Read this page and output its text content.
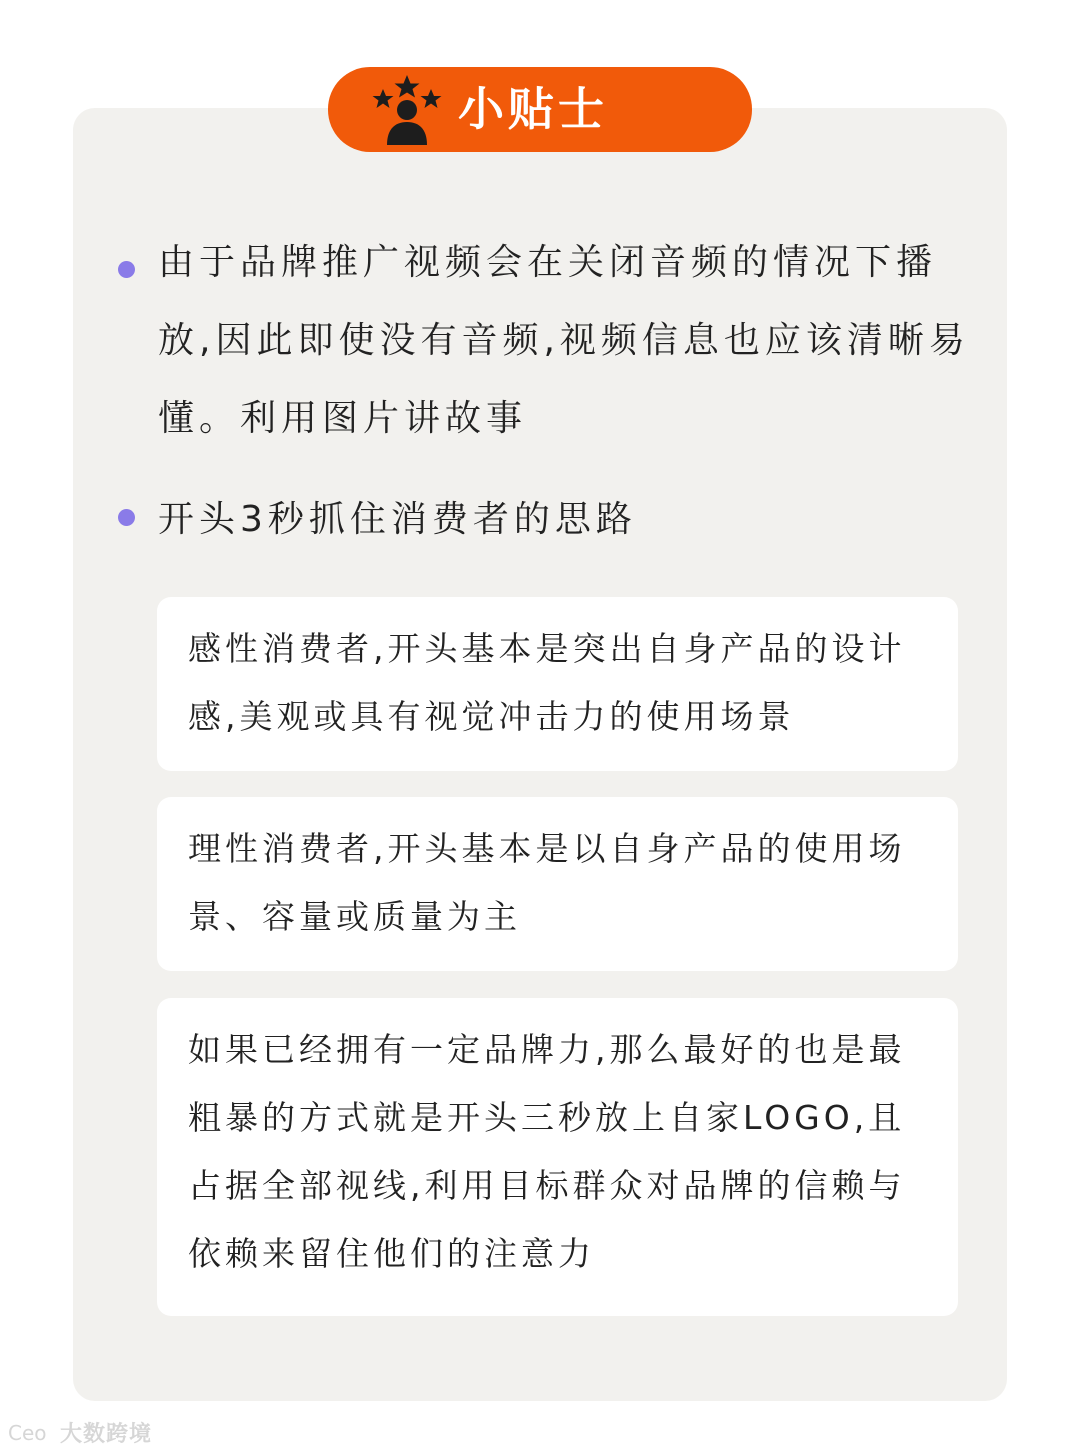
小贴士
由于品牌推广视频会在关闭音频的情况下播放,因此即使没有音频,视频信息也应该清晰易懂。利用图片讲故事
开头3秒抓住消费者的思路
感性消费者,开头基本是突出自身产品的设计感,美观或具有视觉冲击力的使用场景
理性消费者,开头基本是以自身产品的使用场景、容量或质量为主
如果已经拥有一定品牌力,那么最好的也是最粗暴的方式就是开头三秒放上自家LOGO,且占据全部视线,利用目标群众对品牌的信赖与依赖来留住他们的注意力
Ceo 大数跨境
